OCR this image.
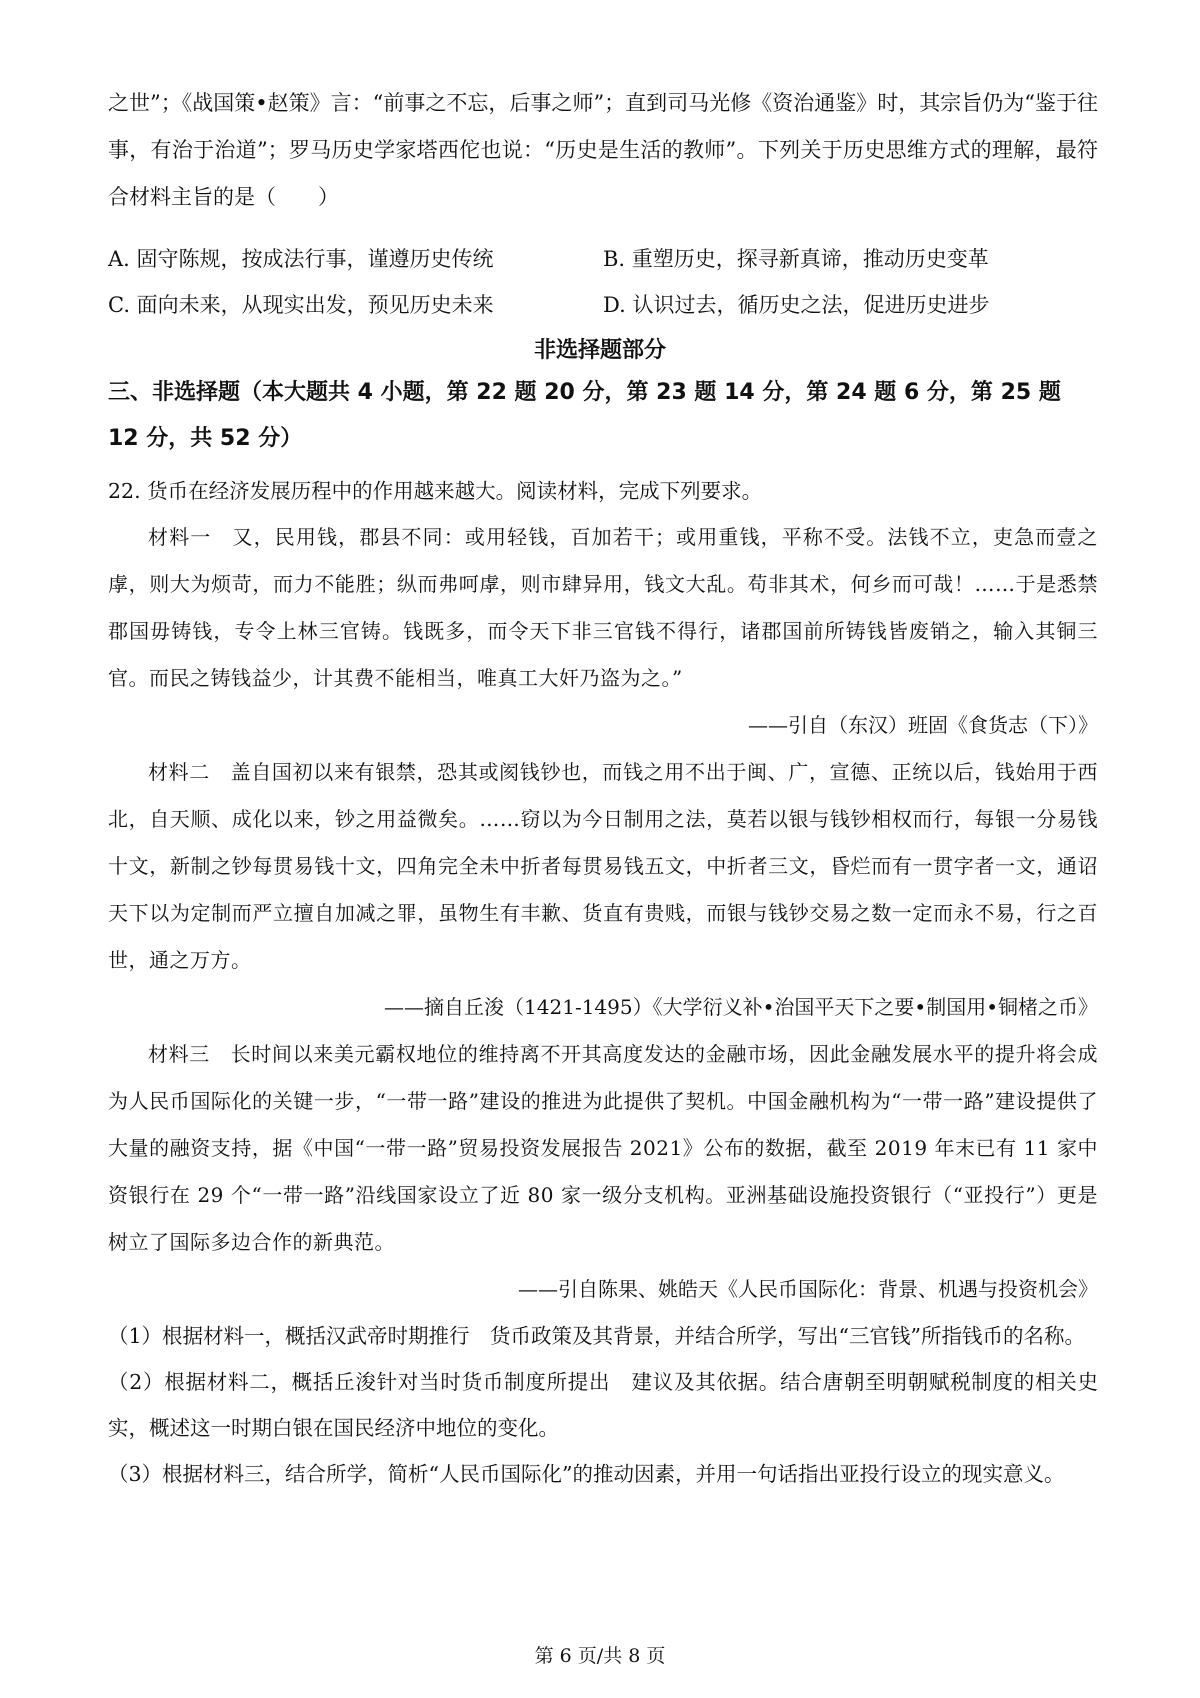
之世”；《战国策•赵策》言：“前事之不忘，后事之师”；直到司马光修《资治通鉴》时，其宗旨仍为“鉴于往事，有治于治道”；罗马历史学家塔西佗也说：“历史是生活的教师”。下列关于历史思维方式的理解，最符合材料主旨的是（　　）

A. 固守陈规，按成法行事，谨遵历史传统	B. 重塑历史，探寻新真谛，推动历史变革
C. 面向未来，从现实出发，预见历史未来	D. 认识过去，循历史之法，促进历史进步
非选择题部分

三、非选择题（本大题共 4 小题，第 22 题 20 分，第 23 题 14 分，第 24 题 6 分，第 25 题 12 分，共 52 分）

22. 货币在经济发展历程中的作用越来越大。阅读材料，完成下列要求。

材料一　又，民用钱，郡县不同：或用轻钱，百加若干；或用重钱，平称不受。法钱不立，吏急而壹之虖，则大为烦苛，而力不能胜；纵而弗呵虖，则市肆异用，钱文大乱。苟非其术，何乡而可哉！……于是悉禁郡国毋铸钱，专令上林三官铸。钱既多，而令天下非三官钱不得行，诸郡国前所铸钱皆废销之，输入其铜三官。而民之铸钱益少，计其费不能相当，唯真工大奸乃盗为之。”

——引自（东汉）班固《食货志（下）》

材料二　盖自国初以来有银禁，恐其或阂钱钞也，而钱之用不出于闽、广，宣德、正统以后，钱始用于西北，自天顺、成化以来，钞之用益微矣。……窃以为今日制用之法，莫若以银与钱钞相权而行，每银一分易钱十文，新制之钞每贯易钱十文，四角完全未中折者每贯易钱五文，中折者三文，昏烂而有一贯字者一文，通诏天下以为定制而严立擅自加减之罪，虽物生有丰歉、货直有贵贱，而银与钱钞交易之数一定而永不易，行之百世，通之万方。

——摘自丘浚（1421-1495）《大学衍义补•治国平天下之要•制国用•铜楮之币》

材料三　长时间以来美元霸权地位的维持离不开其高度发达的金融市场，因此金融发展水平的提升将会成为人民币国际化的关键一步，“一带一路”建设的推进为此提供了契机。中国金融机构为“一带一路”建设提供了大量的融资支持，据《中国“一带一路”贸易投资发展报告 2021》公布的数据，截至 2019 年末已有 11 家中资银行在 29 个“一带一路”沿线国家设立了近 80 家一级分支机构。亚洲基础设施投资银行（“亚投行”）更是树立了国际多边合作的新典范。

——引自陈果、姚皓天《人民币国际化：背景、机遇与投资机会》

（1）根据材料一，概括汉武帝时期推行　货币政策及其背景，并结合所学，写出“三官钱”所指钱币的名称。

（2）根据材料二，概括丘浚针对当时货币制度所提出　建议及其依据。结合唐朝至明朝赋税制度的相关史实，概述这一时期白银在国民经济中地位的变化。

（3）根据材料三，结合所学，简析“人民币国际化”的推动因素，并用一句话指出亚投行设立的现实意义。

第 6 页/共 8 页
